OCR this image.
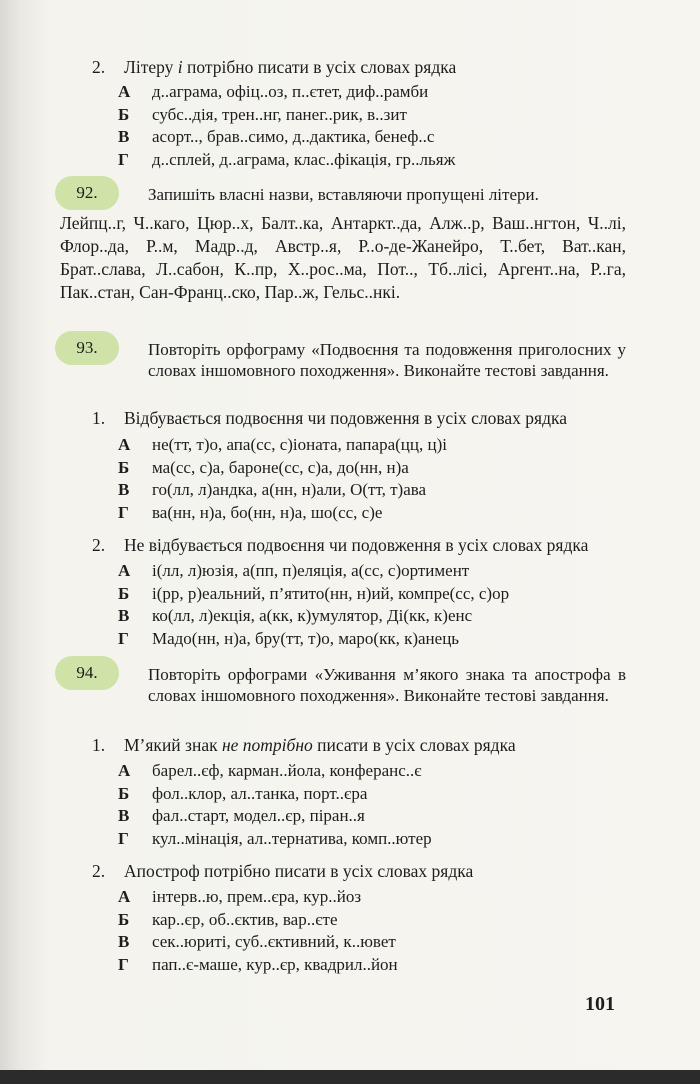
2. Літеру і потрібно писати в усіх словах рядка
А д..аграма, офіц..оз, п..єтет, диф..рамби
Б субс..дія, трен..нг, панег..рик, в..зит
В асорт.., брав..симо, д..дактика, бенеф..с
Г д..сплей, д..аграма, клас..фікація, гр..льяж
92.	Запишіть власні назви, вставляючи пропущені літери.
Лейпц..г, Ч..каго, Цюр..х, Балт..ка, Антаркт..да, Алж..р, Ваш..нгтон, Ч..лі, Флор..да, Р..м, Мадр..д, Австр..я, Р..о-де-Жанейро, Т..бет, Ват..кан, Брат..слава, Л..сабон, К..пр, Х..рос..ма, Пот.., Тб..лісі, Аргент..на, Р..га, Пак..стан, Сан-Франц..ско, Пар..ж, Гельс..нкі.
93.	Повторіть орфограму «Подвоєння та подовження приголосних у словах іншомовного походження». Виконайте тестові завдання.
1. Відбувається подвоєння чи подовження в усіх словах рядка
А не(тт, т)о, апа(сс, с)іоната, папара(цц, ц)і
Б ма(сс, с)а, бароне(сс, с)а, до(нн, н)а
В го(лл, л)андка, а(нн, н)али, О(тт, т)ава
Г ва(нн, н)а, бо(нн, н)а, шо(сс, с)е
2. Не відбувається подвоєння чи подовження в усіх словах рядка
А і(лл, л)юзія, а(пп, п)еляція, а(сс, с)ортимент
Б і(рр, р)еальний, п’ятито(нн, н)ий, компре(сс, с)ор
В ко(лл, л)екція, а(кк, к)умулятор, Ді(кк, к)енс
Г Мадо(нн, н)а, бру(тт, т)о, маро(кк, к)анець
94.	Повторіть орфограми «Уживання м’якого знака та апострофа в словах іншомовного походження». Виконайте тестові завдання.
1. М’який знак не потрібно писати в усіх словах рядка
А барел..єф, карман..йола, конферанс..є
Б фол..клор, ал..танка, порт..єра
В фал..старт, модел..єр, піран..я
Г кул..мінація, ал..тернатива, комп..ютер
2. Апостроф потрібно писати в усіх словах рядка
А інтерв..ю, прем..єра, кур..йоз
Б кар..єр, об..єктив, вар..єте
В сек..юриті, суб..єктивний, к..ювет
Г пап..є-маше, кур..єр, квадрил..йон
101
